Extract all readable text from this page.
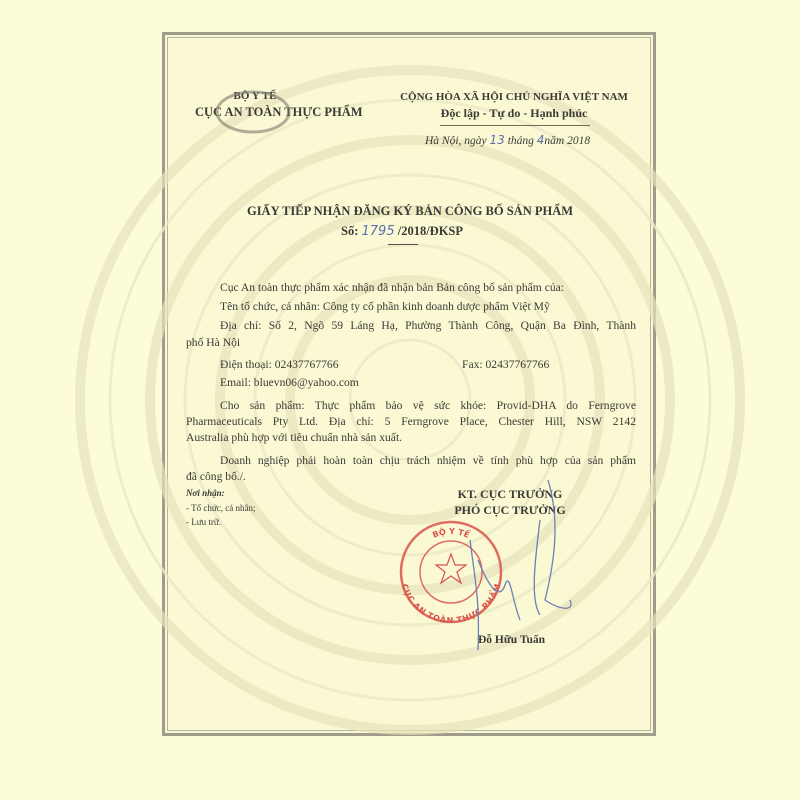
BỘ Y TẾ
CỤC AN TOÀN THỰC PHẨM
CỘNG HÒA XÃ HỘI CHỦ NGHĨA VIỆT NAM
Độc lập - Tự do - Hạnh phúc
Hà Nội, ngày 13 tháng 4năm 2018
GIẤY TIẾP NHẬN ĐĂNG KÝ BẢN CÔNG BỐ SẢN PHẨM
Số: 1795 /2018/ĐKSP
Cục An toàn thực phẩm xác nhận đã nhận bản Bản công bố sản phẩm của:
Tên tổ chức, cá nhân: Công ty cổ phần kinh doanh dược phẩm Việt Mỹ
Địa chỉ: Số 2, Ngõ 59 Láng Hạ, Phường Thành Công, Quận Ba Đình, Thành
phố Hà Nội
Điện thoại: 02437767766	Fax: 02437767766
Email: bluevn06@yahoo.com
Cho sản phẩm: Thực phẩm bảo vệ sức khỏe: Provid-DHA do Ferngrove
Pharmaceuticals Pty Ltd. Địa chỉ: 5 Ferngrove Place, Chester Hill, NSW 2142
Australia phù hợp với tiêu chuẩn nhà sản xuất.
Doanh nghiệp phải hoàn toàn chịu trách nhiệm về tính phù hợp của sản phẩm
đã công bố./.
Nơi nhận:
- Tổ chức, cá nhân;
- Lưu trữ.
KT. CỤC TRƯỞNG
PHÓ CỤC TRƯỞNG
BỘ Y TẾ
CỤC AN TOÀN THỰC PHẨM
Đỗ Hữu Tuấn
